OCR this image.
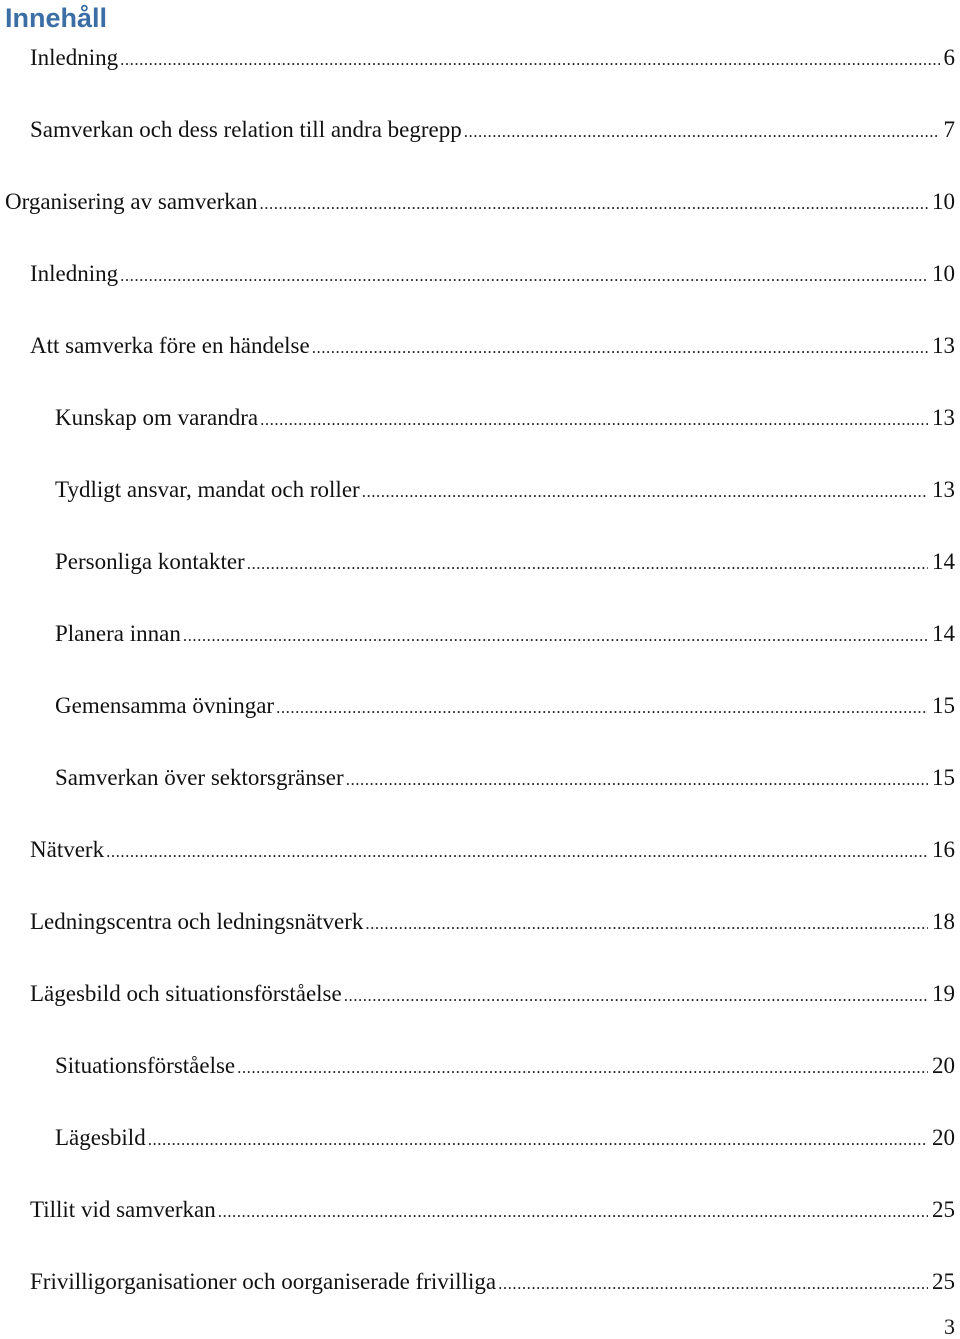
Innehåll
Inledning .....	6
Samverkan och dess relation till andra begrepp .....	7
Organisering av samverkan .....	10
Inledning .....	10
Att samverka före en händelse .....	13
Kunskap om varandra .....	13
Tydligt ansvar, mandat och roller .....	13
Personliga kontakter .....	14
Planera innan .....	14
Gemensamma övningar .....	15
Samverkan över sektorsgränser .....	15
Nätverk .....	16
Ledningscentra och ledningsnätverk .....	18
Lägesbild och situationsförståelse .....	19
Situationsförståelse .....	20
Lägesbild .....	20
Tillit vid samverkan .....	25
Frivilligorganisationer och oorganiserade frivilliga .....	25
3
